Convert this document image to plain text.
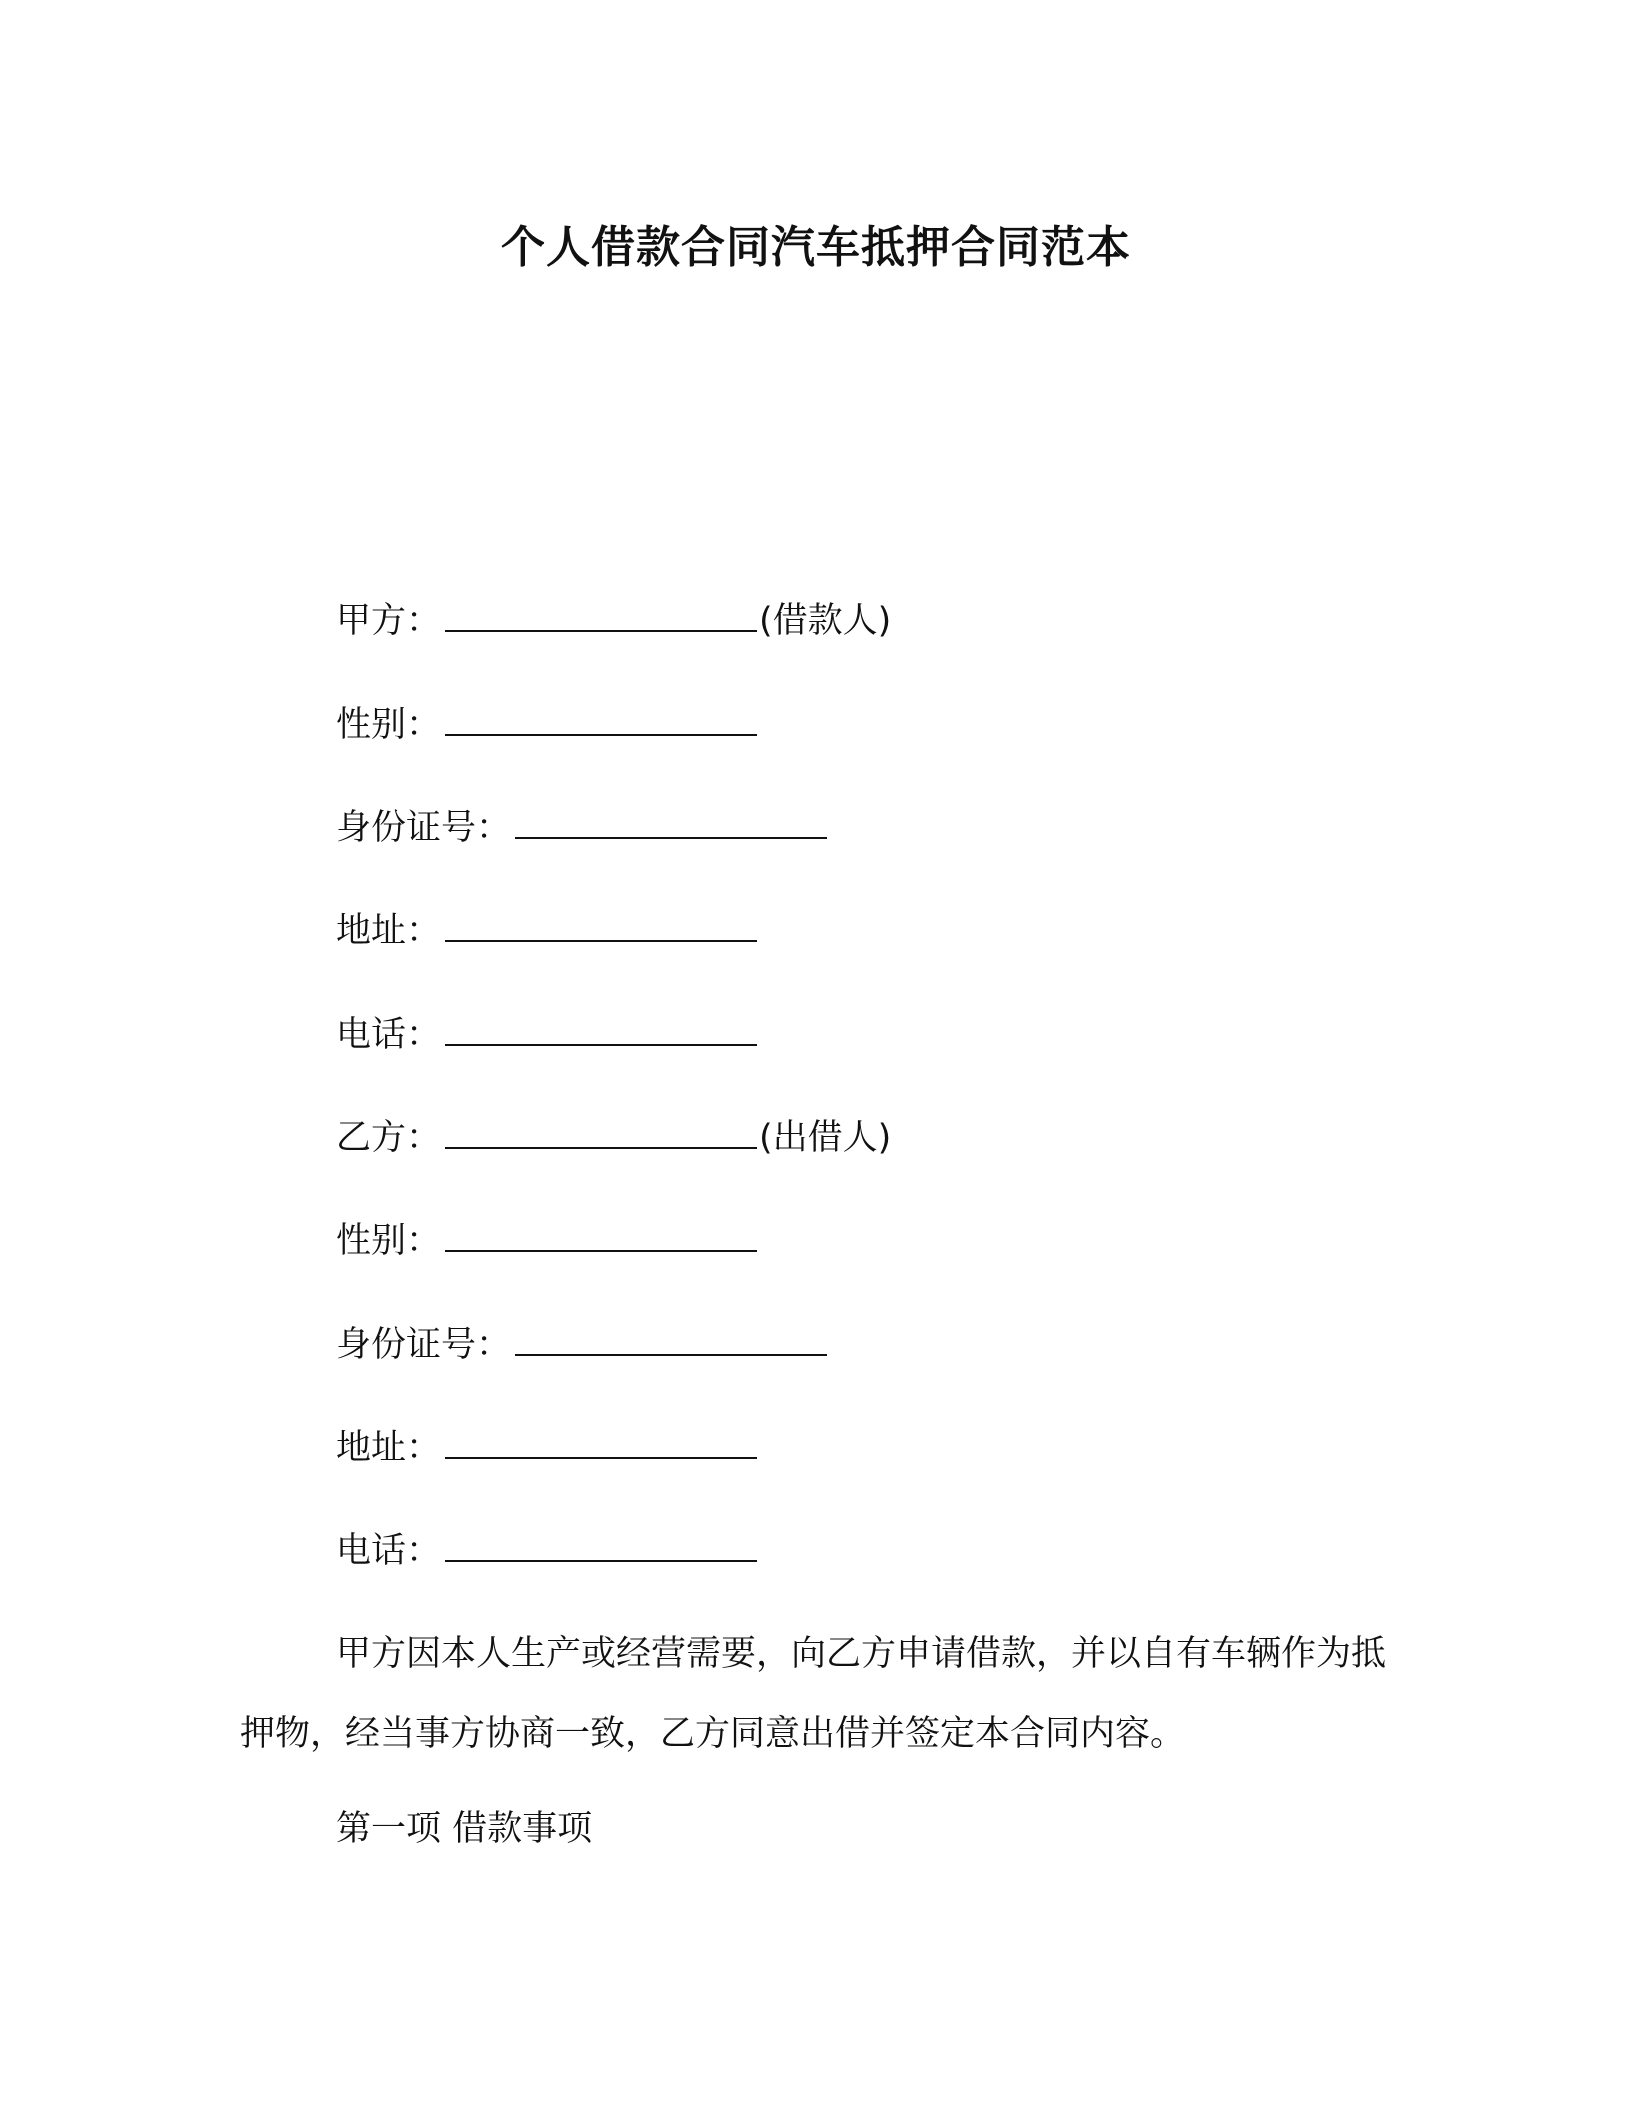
个人借款合同汽车抵押合同范本
甲方：	(借款人)
性别：
身份证号：
地址：
电话：
乙方：	(出借人)
性别：
身份证号：
地址：
电话：
甲方因本人生产或经营需要，向乙方申请借款，并以自有车辆作为抵押物，经当事方协商一致，乙方同意出借并签定本合同内容。
第一项 借款事项
